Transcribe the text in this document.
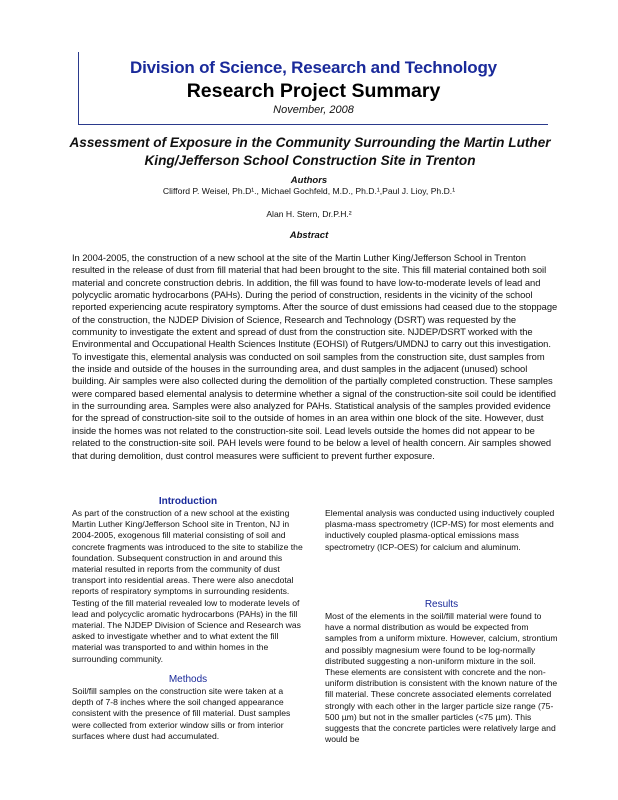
Division of Science, Research and Technology
Research Project Summary
November, 2008
Assessment of Exposure in the Community Surrounding the Martin Luther King/Jefferson School Construction Site in Trenton
Authors
Clifford P. Weisel, Ph.D¹., Michael Gochfeld, M.D., Ph.D.¹,Paul J. Lioy, Ph.D.¹
Alan H. Stern, Dr.P.H.²
Abstract
In 2004-2005, the construction of a new school at the site of the Martin Luther King/Jefferson School in Trenton resulted in the release of dust from fill material that had been brought to the site. This fill material contained both soil material and concrete construction debris. In addition, the fill was found to have low-to-moderate levels of lead and polycyclic aromatic hydrocarbons (PAHs). During the period of construction, residents in the vicinity of the school reported experiencing acute respiratory symptoms. After the source of dust emissions had ceased due to the stoppage of the construction, the NJDEP Division of Science, Research and Technology (DSRT) was requested by the community to investigate the extent and spread of dust from the construction site. NJDEP/DSRT worked with the Environmental and Occupational Health Sciences Institute (EOHSI) of Rutgers/UMDNJ to carry out this investigation. To investigate this, elemental analysis was conducted on soil samples from the construction site, dust samples from the inside and outside of the houses in the surrounding area, and dust samples in the adjacent (unused) school building. Air samples were also collected during the demolition of the partially completed construction. These samples were compared based elemental analysis to determine whether a signal of the construction-site soil could be identified in the surrounding area. Samples were also analyzed for PAHs. Statistical analysis of the samples provided evidence for the spread of construction-site soil to the outside of homes in an area within one block of the site. However, dust inside the homes was not related to the construction-site soil. Lead levels outside the homes did not appear to be related to the construction-site soil. PAH levels were found to be below a level of health concern. Air samples showed that during demolition, dust control measures were sufficient to prevent further exposure.
Introduction
As part of the construction of a new school at the existing Martin Luther King/Jefferson School site in Trenton, NJ in 2004-2005, exogenous fill material consisting of soil and concrete fragments was introduced to the site to stabilize the foundation. Subsequent construction in and around this material resulted in reports from the community of dust transport into residential areas. There were also anecdotal reports of respiratory symptoms in surrounding residents. Testing of the fill material revealed low to moderate levels of lead and polycyclic aromatic hydrocarbons (PAHs) in the fill material. The NJDEP Division of Science and Research was asked to investigate whether and to what extent the fill material was transported to and within homes in the surrounding community.
Methods
Soil/fill samples on the construction site were taken at a depth of 7-8 inches where the soil changed appearance consistent with the presence of fill material. Dust samples were collected from exterior window sills or from interior surfaces where dust had accumulated.
Elemental analysis was conducted using inductively coupled plasma-mass spectrometry (ICP-MS) for most elements and inductively coupled plasma-optical emissions mass spectrometry (ICP-OES) for calcium and aluminum.
Results
Most of the elements in the soil/fill material were found to have a normal distribution as would be expected from samples from a uniform mixture. However, calcium, strontium and possibly magnesium were found to be log-normally distributed suggesting a non-uniform mixture in the soil. These elements are consistent with concrete and the non-uniform distribution is consistent with the known nature of the fill material. These concrete associated elements correlated strongly with each other in the larger particle size range (75-500 µm) but not in the smaller particles (<75 µm). This suggests that the concrete particles were relatively large and would be
